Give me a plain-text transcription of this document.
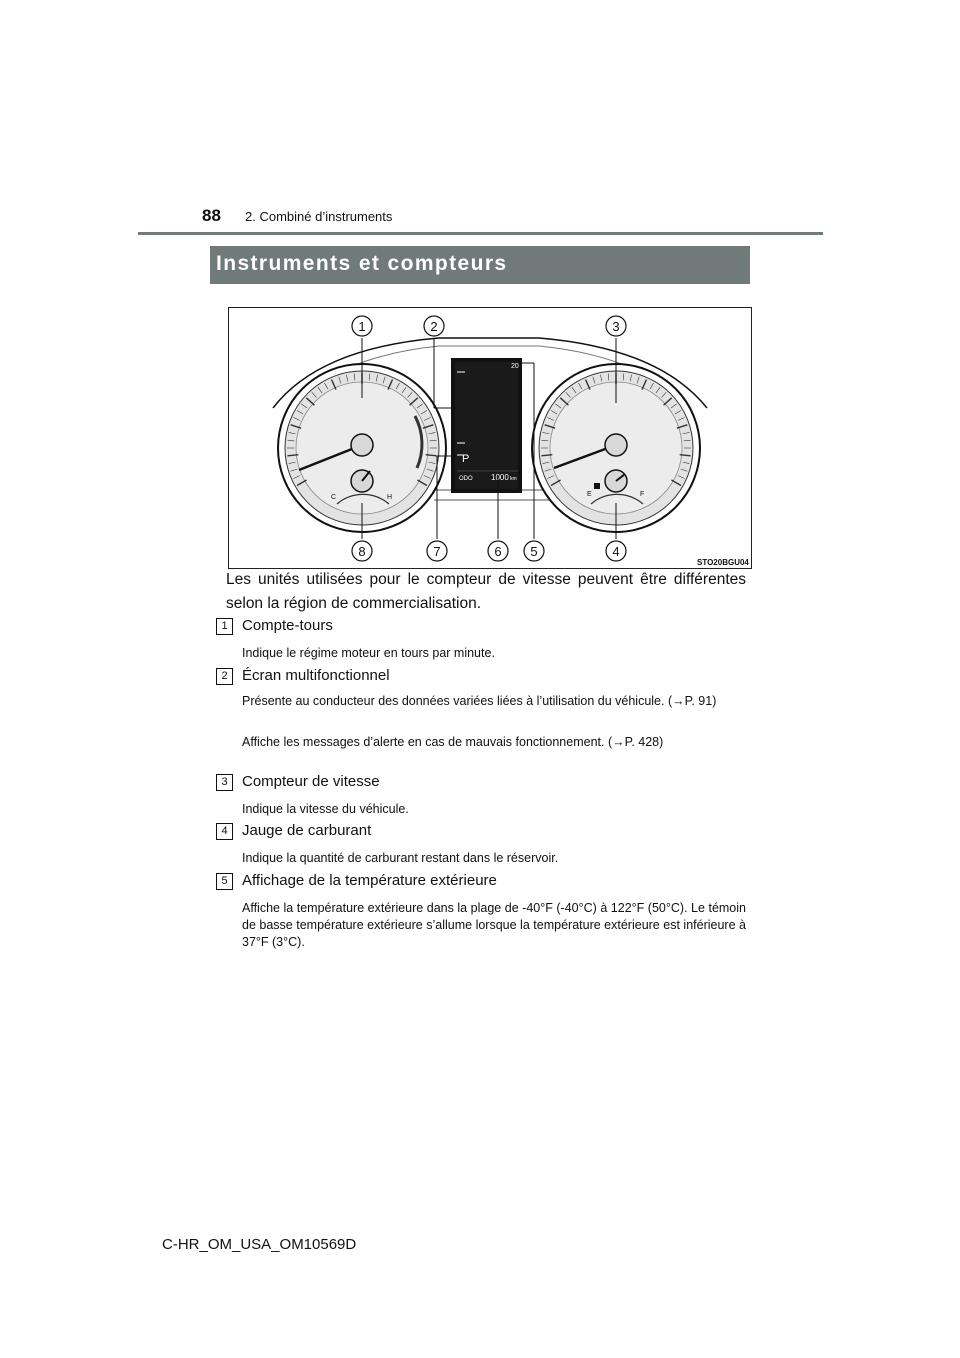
88 2. Combiné d’instruments
Instruments et compteurs
C	H
20
P
ODO 1000 km
E	F
1	2	3
8	7	6 5	4
STO20BGU04
Les unités utilisées pour le compteur de vitesse peuvent être différentes selon la région de commercialisation.
1 Compte-tours
Indique le régime moteur en tours par minute.
2 Écran multifonctionnel
Présente au conducteur des données variées liées à l’utilisation du véhicule. (→P. 91)
Affiche les messages d’alerte en cas de mauvais fonctionnement. (→P. 428)
3 Compteur de vitesse
Indique la vitesse du véhicule.
4 Jauge de carburant
Indique la quantité de carburant restant dans le réservoir.
5 Affichage de la température extérieure
Affiche la température extérieure dans la plage de -40°F (-40°C) à 122°F (50°C). Le témoin de basse température extérieure s’allume lorsque la température extérieure est inférieure à 37°F (3°C).
C-HR_OM_USA_OM10569D
